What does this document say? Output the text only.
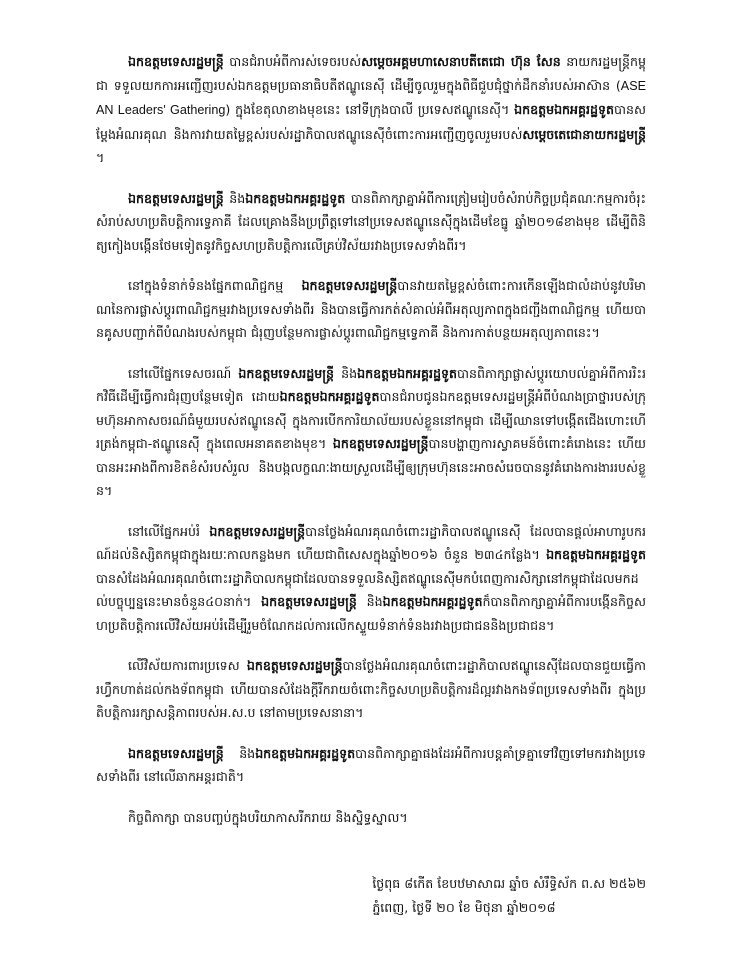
ឯកឧត្តមទេសរដ្ឋមន្ត្រី បានជំរាបអំពីការស់ទេចរបស់សម្តេចអគ្គមហាសេនាបតីតេជោ ហ៊ុន សែន នាយករដ្ឋមន្ត្រីកម្ពុជា ទទួលយកការអញ្ជើញរបស់ឯកឧត្តមប្រធានាធិបតីឥណ្ឌូនេស៊ី ដើម្បីចូលរួមក្នុងពិធីជួបជុំថ្នាក់ដឹកនាំរបស់អាស៊ាន (ASEAN Leaders' Gathering) ក្នុងខែតុលាខាងមុខនេះ នៅទីក្រុងបាលី ប្រទេសឥណ្ឌូនេស៊ី។ ឯកឧត្តមឯកអគ្គរដ្ឋទូតបានសម្តែងអំណរគុណ និងការវាយតម្លៃខ្ពស់របស់រដ្ឋាភិបាលឥណ្ឌូនេស៊ីចំពោះការអញ្ជើញចូលរួមរបស់សម្តេចតេជោនាយករដ្ឋមន្ត្រី។

ឯកឧត្តមទេសរដ្ឋមន្ត្រី និងឯកឧត្តមឯកអគ្គរដ្ឋទូត បានពិភាក្សាគ្នាអំពីការត្រៀមរៀបចំសំរាប់កិច្ចប្រជុំគណៈកម្មការចំរុះសំរាប់សហប្រតិបត្តិការទ្វេភាគី ដែលគ្រោងនឹងប្រព្រឹត្តទៅនៅប្រទេសឥណ្ឌូនេស៊ីក្នុងដើមខែធ្នូ ឆ្នាំ២០១៨ខាងមុខ ដើម្បីពិនិត្យកៀងបង្កើនថែមទៀតនូវកិច្ចសហប្រតិបត្តិការលើគ្រប់វិស័យរវាងប្រទេសទាំងពីរ។

នៅក្នុងទំនាក់ទំនងផ្នែកពាណិជ្ជកម្ម ឯកឧត្តមទេសរដ្ឋមន្ត្រីបានវាយតម្លៃខ្ពស់ចំពោះការកើនឡើងជាលំដាប់នូវបរិមាណនៃការផ្លាស់ប្តូរពាណិជ្ជកម្មរវាងប្រទេសទាំងពីរ និងបានធ្វើការកត់សំគាល់អំពីអតុល្យភាពក្នុងជញ្ជីងពាណិជ្ជកម្ម ហើយបានគូសបញ្ជាក់ពីបំណងរបស់កម្ពុជា ជំរុញបន្ថែមការផ្លាស់ប្តូរពាណិជ្ជកម្មទ្វេភាគី និងការកាត់បន្ថយអតុល្យភាពនេះ។

នៅលើផ្នែកទេសចរណ៍ ឯកឧត្តមទេសរដ្ឋមន្ត្រី និងឯកឧត្តមឯកអគ្គរដ្ឋទូតបានពិភាក្សាផ្លាស់ប្តូរយោបល់គ្នាអំពីការរិះរកវិធីដើម្បីធ្វើការជំរុញបន្ថែមទៀត ដោយឯកឧត្តមឯកអគ្គរដ្ឋទូតបានជំរាបជូនឯកឧត្តមទេសរដ្ឋមន្ត្រីអំពីបំណងប្រាថ្នារបស់ក្រុមហ៊ុនអាកាសចរណ៍ធំមួយរបស់ឥណ្ឌូនេស៊ី ក្នុងការបើកការិយាល័យរបស់ខ្លួននៅកម្ពុជា ដើម្បីឈានទៅបង្កើតជើងហោះហើរត្រង់កម្ពុជា-ឥណ្ឌូនេស៊ី ក្នុងពេលអនាគតខាងមុខ។ ឯកឧត្តមទេសរដ្ឋមន្ត្រីបានបង្ហាញការស្វាគមន៍ចំពោះគំរោងនេះ ហើយបានអះអាងពីការខិតខំសំរបសំរួល និងបង្កលក្ខណៈងាយស្រួលដើម្បីឲ្យក្រុមហ៊ុននេះអាចសំរេចបាននូវគំរោងការងាររបស់ខ្លួន។

នៅលើផ្នែកអប់រំ ឯកឧត្តមទេសរដ្ឋមន្ត្រីបានថ្លែងអំណរគុណចំពោះរដ្ឋាភិបាលឥណ្ឌូនេស៊ី ដែលបានផ្តល់អាហារូបករណ៍ដល់និស្សិតកម្ពុជាក្នុងរយៈកាលកន្លងមក ហើយជាពិសេសក្នុងឆ្នាំ២០១៦ ចំនួន ២៣៤កន្លែង។ ឯកឧត្តមឯកអគ្គរដ្ឋទូត បានសំដែងអំណរគុណចំពោះរដ្ឋាភិបាលកម្ពុជាដែលបានទទួលនិស្សិតឥណ្ឌូនេស៊ីមកបំពេញការសិក្សានៅកម្ពុជាដែលមកដល់បច្ចុប្បន្ននេះមានចំនួន៤០នាក់។ ឯកឧត្តមទេសរដ្ឋមន្ត្រី និងឯកឧត្តមឯកអគ្គរដ្ឋទូតក៏បានពិភាក្សាគ្នាអំពីការបង្កើនកិច្ចសហប្រតិបត្តិការលើវិស័យអប់រំដើម្បីរួមចំណែកដល់ការលើកស្ទួយទំនាក់ទំនងរវាងប្រជាជននិងប្រជាជន។

លើវិស័យការពារប្រទេស ឯកឧត្តមទេសរដ្ឋមន្ត្រីបានថ្លែងអំណរគុណចំពោះរដ្ឋាភិបាលឥណ្ឌូនេស៊ីដែលបានជួយធ្វើការហ្វឹកហាត់ដល់កងទ័ពកម្ពុជា ហើយបានសំដែងក្តីរីករាយចំពោះកិច្ចសហប្រតិបត្តិការដ៏ល្អរវាងកងទ័ពប្រទេសទាំងពីរ ក្នុងប្រតិបត្តិការរក្សាសន្តិភាពរបស់អ.ស.ប នៅតាមប្រទេសនានា។

ឯកឧត្តមទេសរដ្ឋមន្ត្រី និងឯកឧត្តមឯកអគ្គរដ្ឋទូតបានពិភាក្សាគ្នាផងដែរអំពីការបន្តគាំទ្រគ្នាទៅវិញទៅមករវាងប្រទេសទាំងពីរ នៅលើឆាកអន្តរជាតិ។

កិច្ចពិភាក្សា បានបញ្ចប់ក្នុងបរិយាកាសរីករាយ និងស្និទ្ធស្នាល។

ថ្ងៃពុធ ៨កើត ខែបឋមាសាឍ ឆ្នាំច សំរឹទ្ធិស័ក ព.ស ២៥៦២
ភ្នំពេញ, ថ្ងៃទី ២០ ខែ មិថុនា ឆ្នាំ២០១៨
